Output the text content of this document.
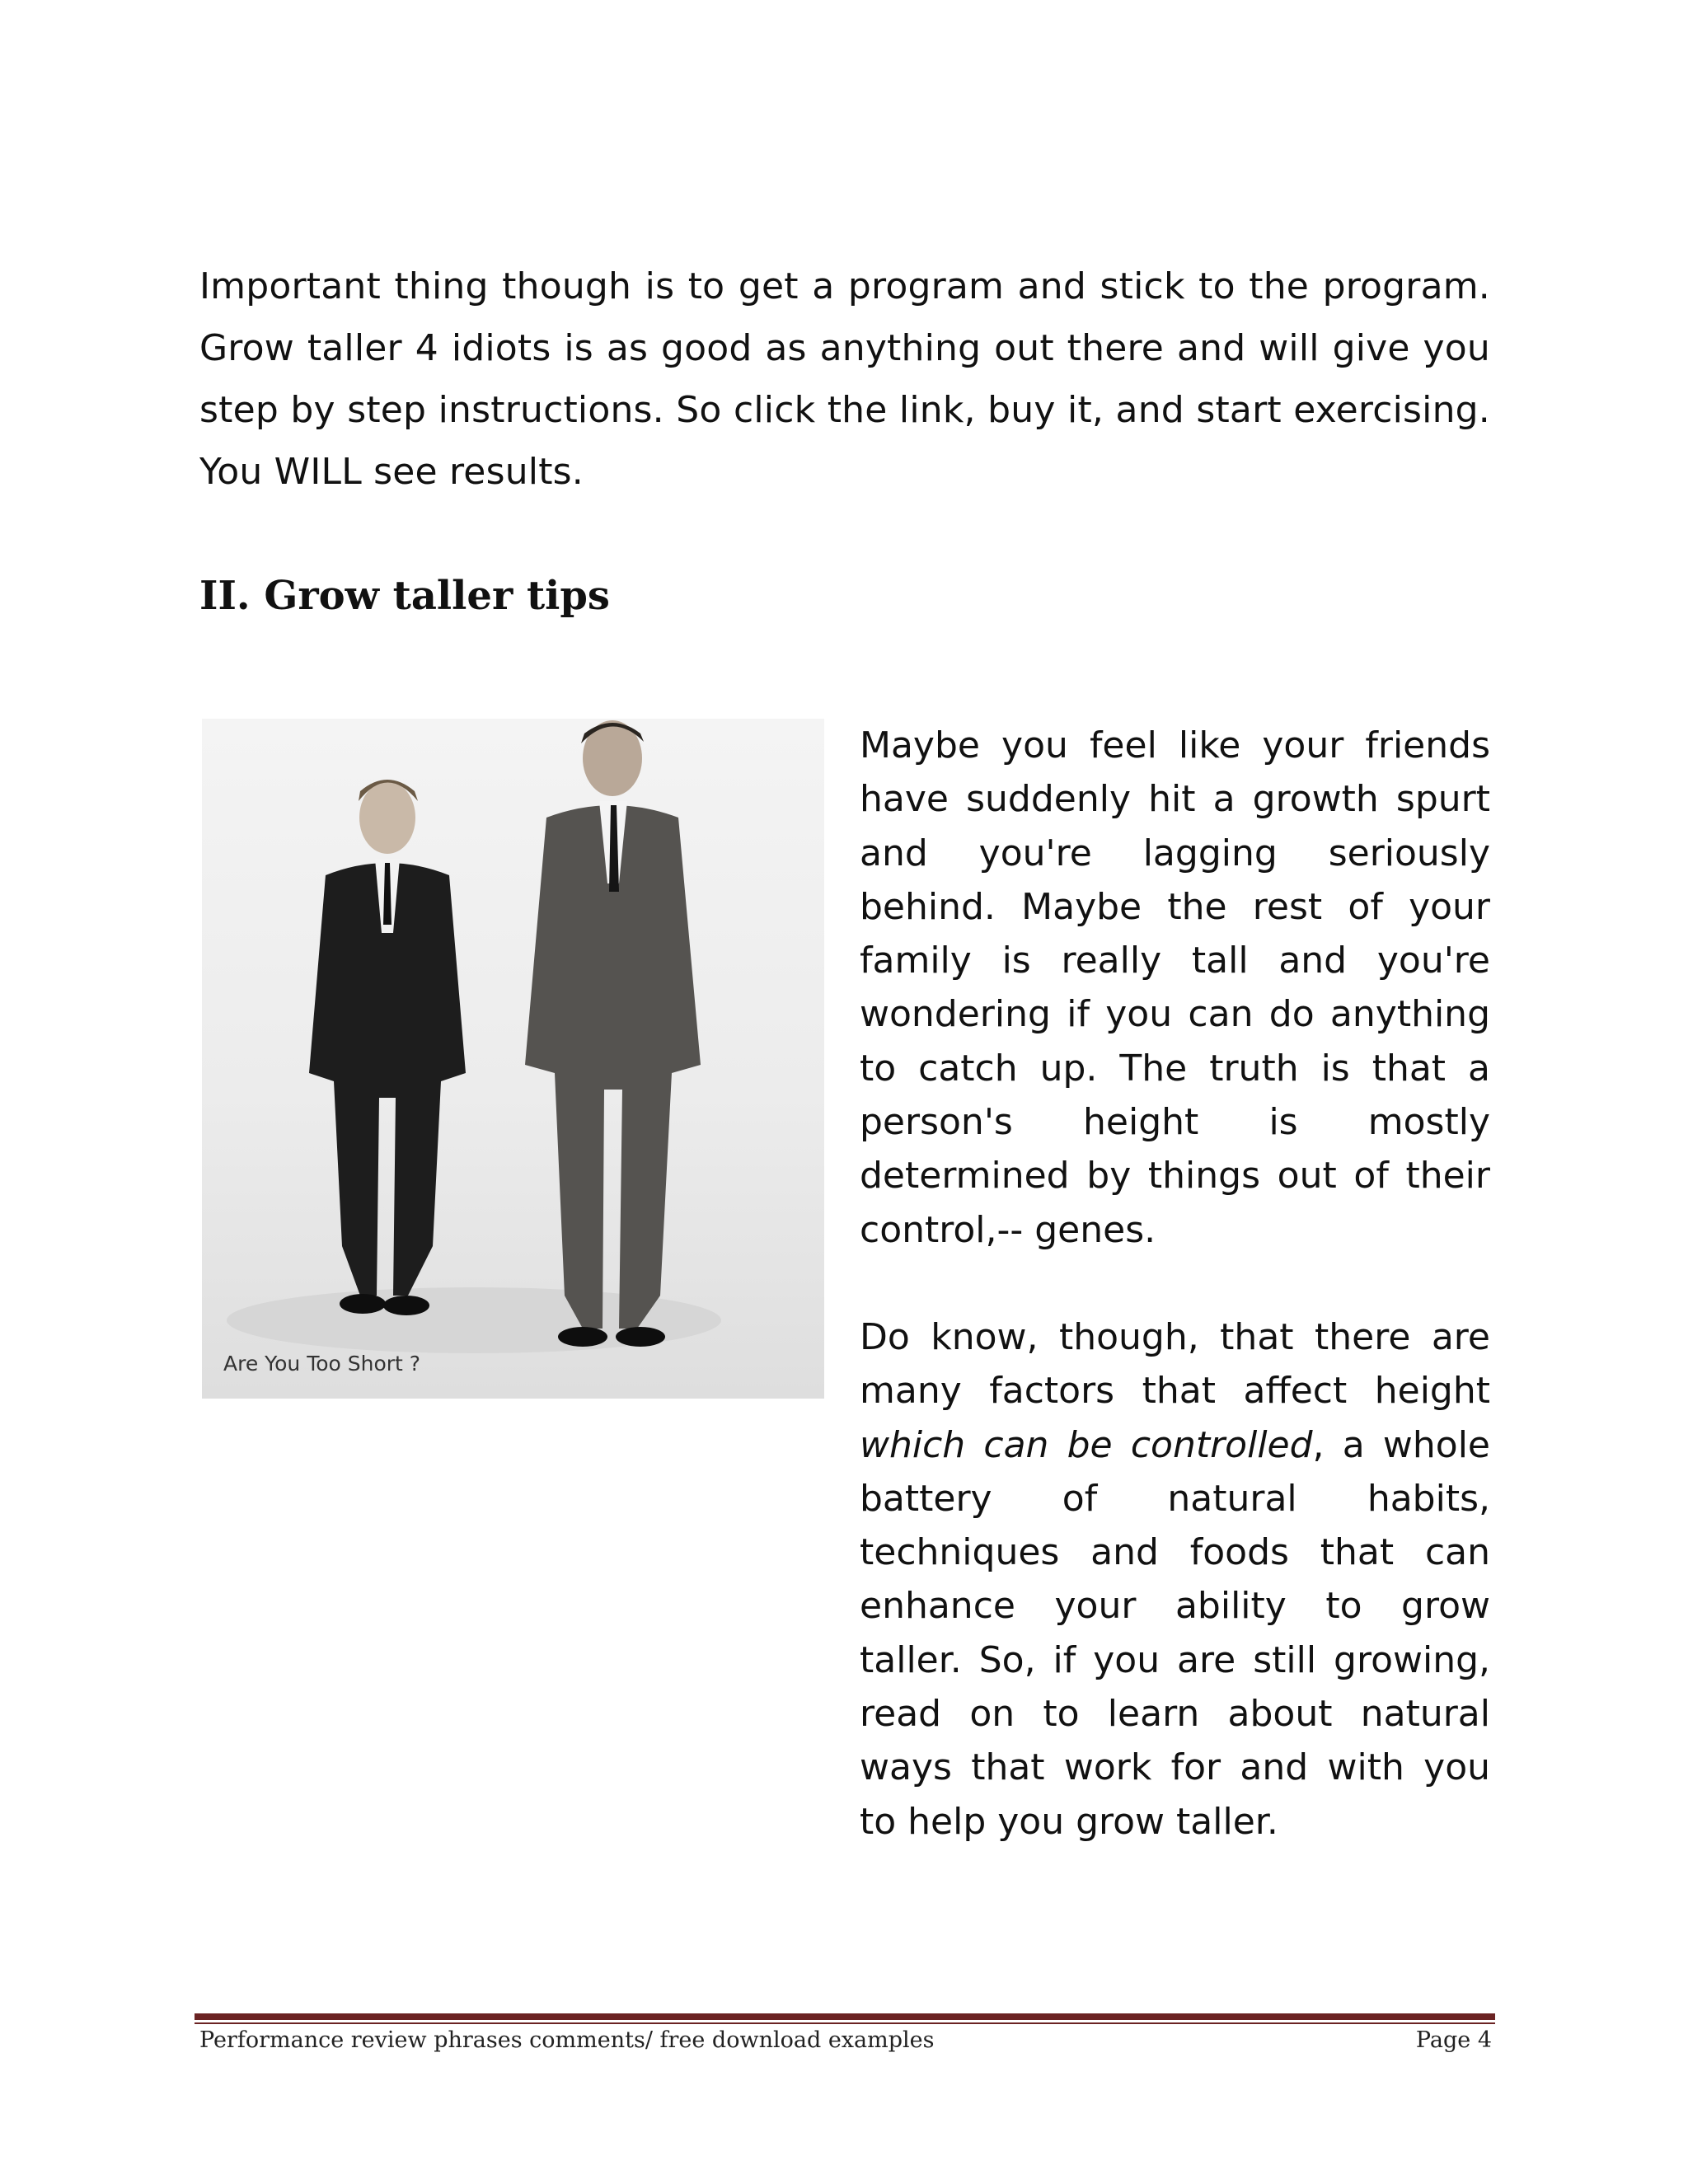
Important thing though is to get a program and stick to the program. Grow taller 4 idiots is as good as anything out there and will give you step by step instructions. So click the link, buy it, and start exercising. You WILL see results.

II. Grow taller tips
Are You Too Short ?

Maybe you feel like your friends have suddenly hit a growth spurt and you're lagging seriously behind. Maybe the rest of your family is really tall and you're wondering if you can do anything to catch up. The truth is that a person's height is mostly determined by things out of their control,-- genes.

Do know, though, that there are many factors that affect height which can be controlled, a whole battery of natural habits, techniques and foods that can enhance your ability to grow taller. So, if you are still growing, read on to learn about natural ways that work for and with you to help you grow taller.

Performance review phrases comments/ free download examples	Page 4
